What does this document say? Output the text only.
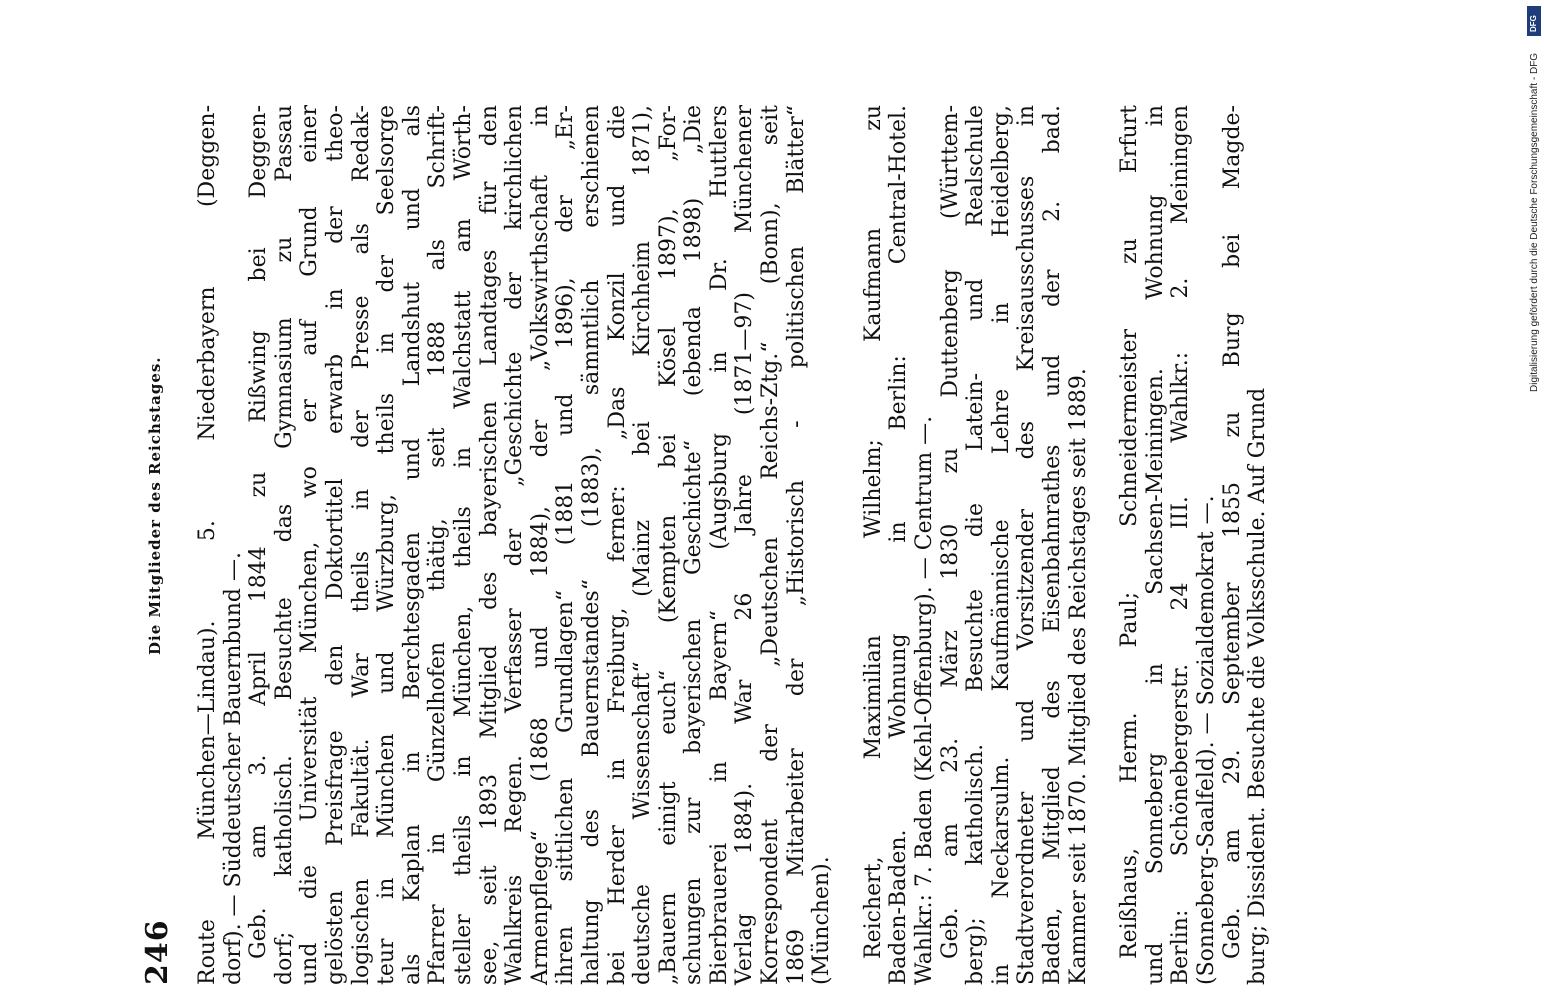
246
Die Mitglieder des Reichstages. Route München—Lindau). 5. Niederbayern (Deggen- dorf). — Süddeutscher Bauernbund —. Geb. am 3. April 1844 zu Rißwing bei Deggen- dorf; katholisch. Besuchte das Gymnasium zu Passau und die Universität München, wo er auf Grund einer gelösten Preisfrage den Doktortitel erwarb in der theo- logischen Fakultät. War theils in der Presse als Redak- teur in München und Würzburg, theils in der Seelsorge als Kaplan in Berchtesgaden und Landshut und als Pfarrer in Günzelhofen thätig, seit 1888 als Schrift- steller theils in München, theils in Walchstatt am Wörth- see, seit 1893 Mitglied des bayerischen Landtages für den Wahlkreis Regen. Verfasser der „Geschichte der kirchlichen Armenpflege“ (1868 und 1884), der „Volkswirthschaft in ihren sittlichen Grundlagen“ (1881 und 1896), der „Er- haltung des Bauernstandes“ (1883), sämmtlich erschienen bei Herder in Freiburg, ferner: „Das Konzil und die deutsche Wissenschaft“ (Mainz bei Kirchheim 1871), „Bauern einigt euch“ (Kempten bei Kösel 1897), „For- schungen zur bayerischen Geschichte“ (ebenda 1898) „Die Bierbrauerei in Bayern“ (Augsburg in Dr. Huttlers Verlag 1884). War 26 Jahre (1871—97) Münchener Korrespondent der „Deutschen Reichs-Ztg.“ (Bonn), seit 1869 Mitarbeiter der „Historisch - politischen Blätter“ (München). Reichert, Maximilian Wilhelm; Kaufmann zu Baden-Baden. Wohnung in Berlin: Central-Hotel. Wahlkr.: 7. Baden (Kehl-Offenburg). — Centrum —. Geb. am 23. März 1830 zu Duttenberg (Württem- berg); katholisch. Besuchte die Latein- und Realschule in Neckarsulm. Kaufmännische Lehre in Heidelberg, Stadtverordneter und Vorsitzender des Kreisausschusses in Baden, Mitglied des Eisenbahnrathes und der 2. bad. Kammer seit 1870. Mitglied des Reichstages seit 1889. Reißhaus, Herm. Paul; Schneidermeister zu Erfurt und Sonneberg in Sachsen-Meiningen. Wohnung in Berlin: Schönebergerstr. 24 III. Wahlkr.: 2. Meiningen (Sonneberg-Saalfeld). — Sozialdemokrat —. Geb. am 29. September 1855 zu Burg bei Magde- burg; Dissident. Besuchte die Volksschule. Auf Grund

DFG
Digitalisierung gefördert durch die Deutsche Forschungsgemeinschaft - DFG
